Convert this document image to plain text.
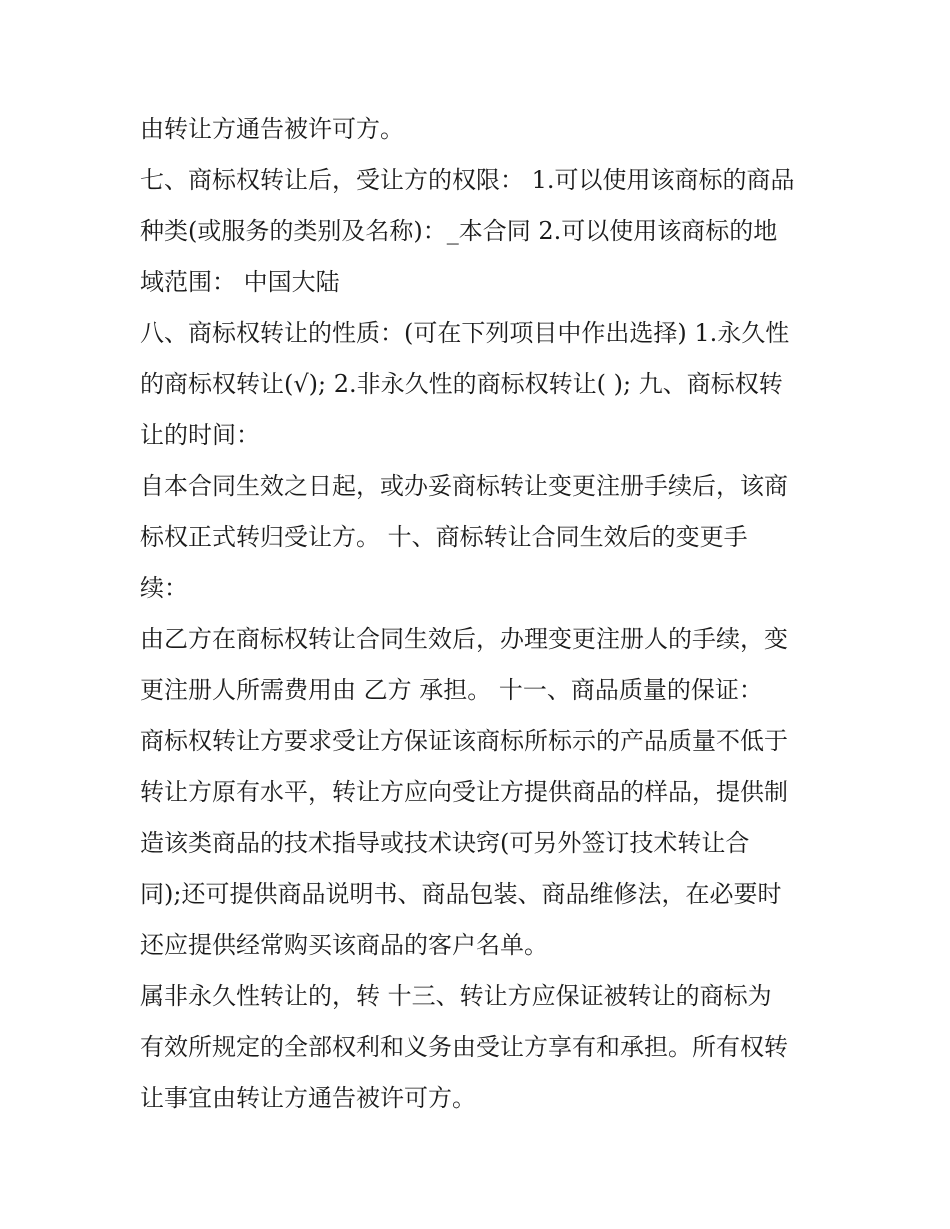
由转让方通告被许可方。
七、商标权转让后，受让方的权限： 1.可以使用该商标的商品
种类(或服务的类别及名称)：_本合同 2.可以使用该商标的地
域范围： 中国大陆
八、商标权转让的性质：(可在下列项目中作出选择) 1.永久性
的商标权转让(√); 2.非永久性的商标权转让( ); 九、商标权转
让的时间：
自本合同生效之日起，或办妥商标转让变更注册手续后，该商
标权正式转归受让方。 十、商标转让合同生效后的变更手
续：
由乙方在商标权转让合同生效后，办理变更注册人的手续，变
更注册人所需费用由 乙方 承担。 十一、商品质量的保证：
商标权转让方要求受让方保证该商标所标示的产品质量不低于
转让方原有水平，转让方应向受让方提供商品的样品，提供制
造该类商品的技术指导或技术诀窍(可另外签订技术转让合
同);还可提供商品说明书、商品包装、商品维修法，在必要时
还应提供经常购买该商品的客户名单。
属非永久性转让的，转 十三、转让方应保证被转让的商标为
有效所规定的全部权利和义务由受让方享有和承担。所有权转
让事宜由转让方通告被许可方。
